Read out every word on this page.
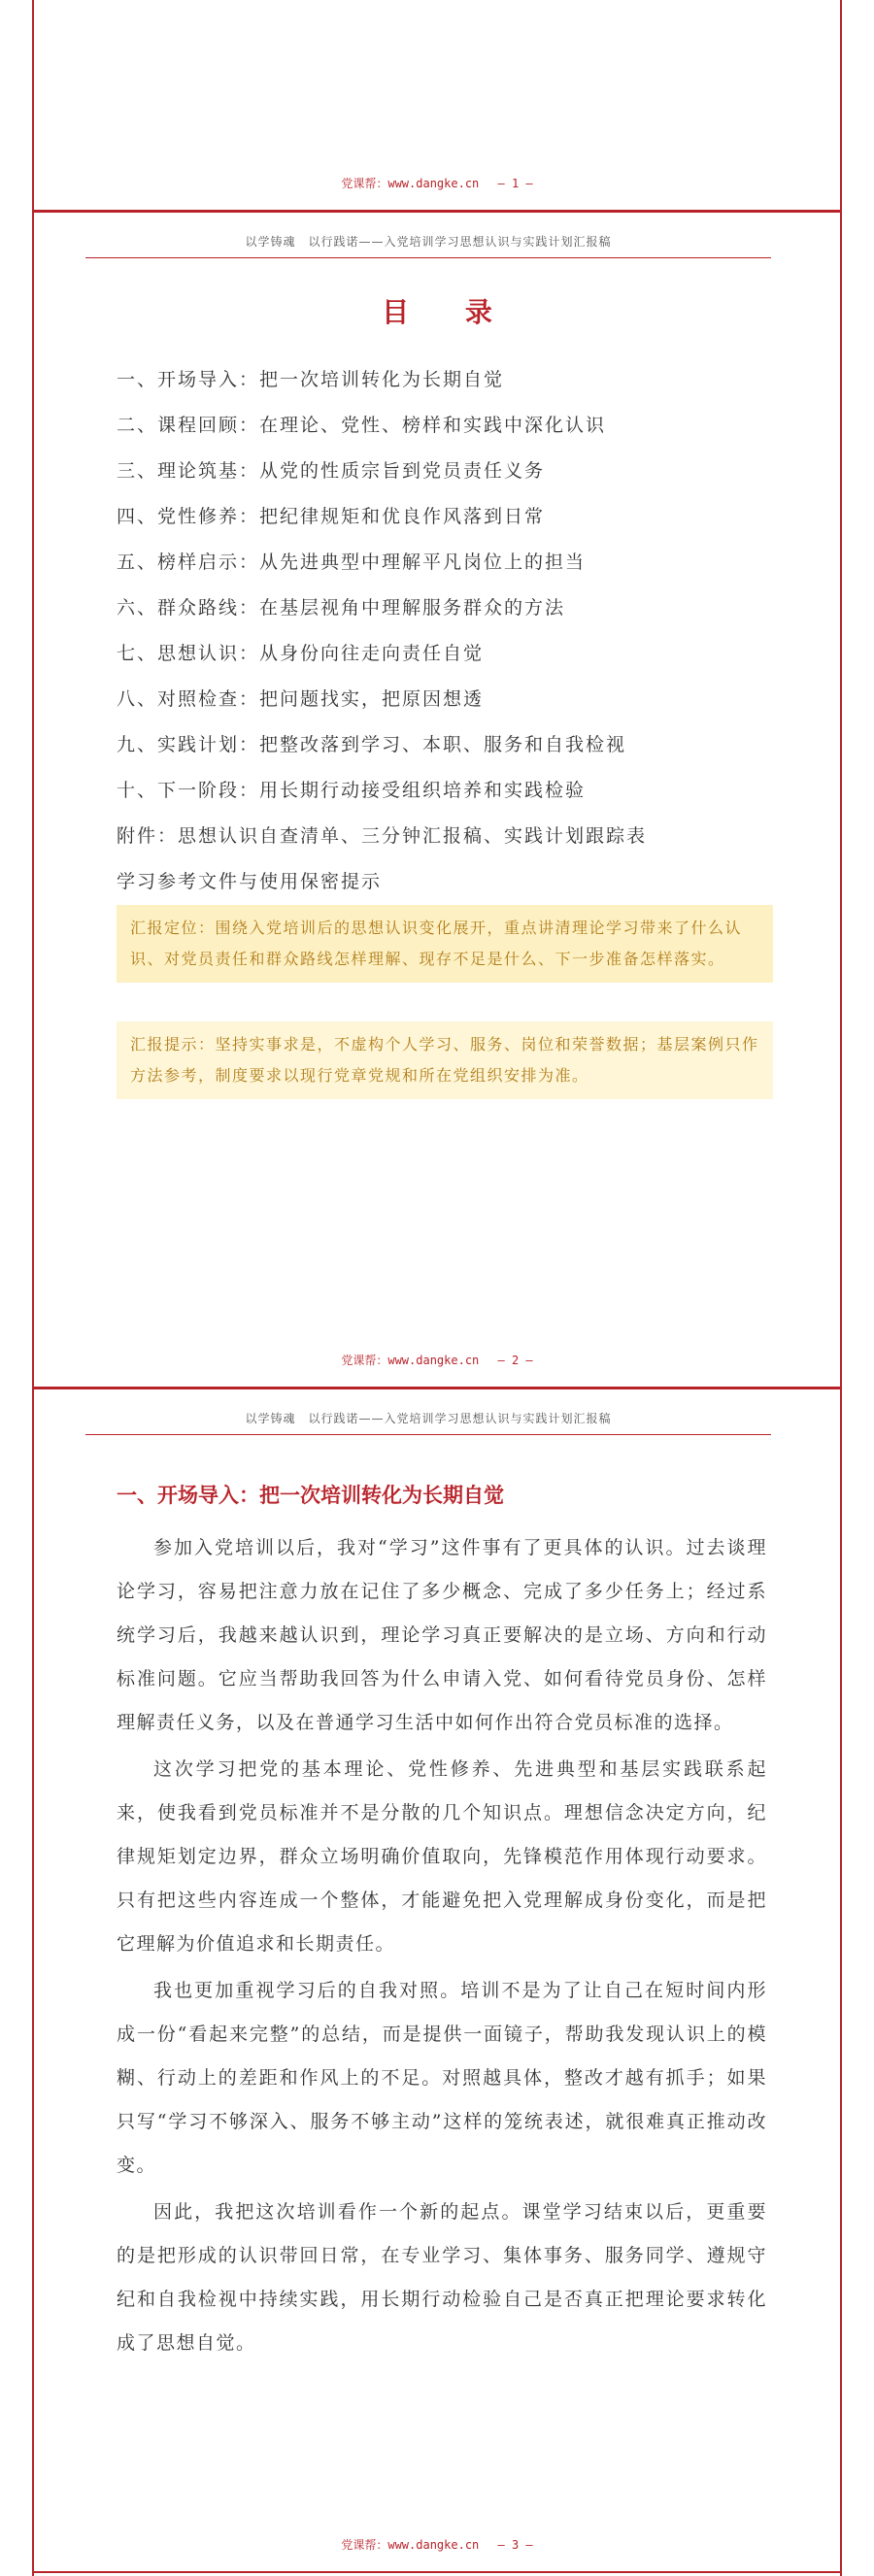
党课帮：www.dangke.cn — 1 —
以学铸魂　以行践诺——入党培训学习思想认识与实践计划汇报稿
目 录
一、开场导入：把一次培训转化为长期自觉
二、课程回顾：在理论、党性、榜样和实践中深化认识
三、理论筑基：从党的性质宗旨到党员责任义务
四、党性修养：把纪律规矩和优良作风落到日常
五、榜样启示：从先进典型中理解平凡岗位上的担当
六、群众路线：在基层视角中理解服务群众的方法
七、思想认识：从身份向往走向责任自觉
八、对照检查：把问题找实，把原因想透
九、实践计划：把整改落到学习、本职、服务和自我检视
十、下一阶段：用长期行动接受组织培养和实践检验
附件：思想认识自查清单、三分钟汇报稿、实践计划跟踪表
学习参考文件与使用保密提示
汇报定位：围绕入党培训后的思想认识变化展开，重点讲清理论学习带来了什么认识、对党员责任和群众路线怎样理解、现存不足是什么、下一步准备怎样落实。
汇报提示：坚持实事求是，不虚构个人学习、服务、岗位和荣誉数据；基层案例只作方法参考，制度要求以现行党章党规和所在党组织安排为准。
党课帮：www.dangke.cn — 2 —
以学铸魂　以行践诺——入党培训学习思想认识与实践计划汇报稿
一、开场导入：把一次培训转化为长期自觉

参加入党培训以后，我对“学习”这件事有了更具体的认识。过去谈理论学习，容易把注意力放在记住了多少概念、完成了多少任务上；经过系统学习后，我越来越认识到，理论学习真正要解决的是立场、方向和行动标准问题。它应当帮助我回答为什么申请入党、如何看待党员身份、怎样理解责任义务，以及在普通学习生活中如何作出符合党员标准的选择。

这次学习把党的基本理论、党性修养、先进典型和基层实践联系起来，使我看到党员标准并不是分散的几个知识点。理想信念决定方向，纪律规矩划定边界，群众立场明确价值取向，先锋模范作用体现行动要求。只有把这些内容连成一个整体，才能避免把入党理解成身份变化，而是把它理解为价值追求和长期责任。

我也更加重视学习后的自我对照。培训不是为了让自己在短时间内形成一份“看起来完整”的总结，而是提供一面镜子，帮助我发现认识上的模糊、行动上的差距和作风上的不足。对照越具体，整改才越有抓手；如果只写“学习不够深入、服务不够主动”这样的笼统表述，就很难真正推动改变。

因此，我把这次培训看作一个新的起点。课堂学习结束以后，更重要的是把形成的认识带回日常，在专业学习、集体事务、服务同学、遵规守纪和自我检视中持续实践，用长期行动检验自己是否真正把理论要求转化成了思想自觉。

党课帮：www.dangke.cn — 3 —
